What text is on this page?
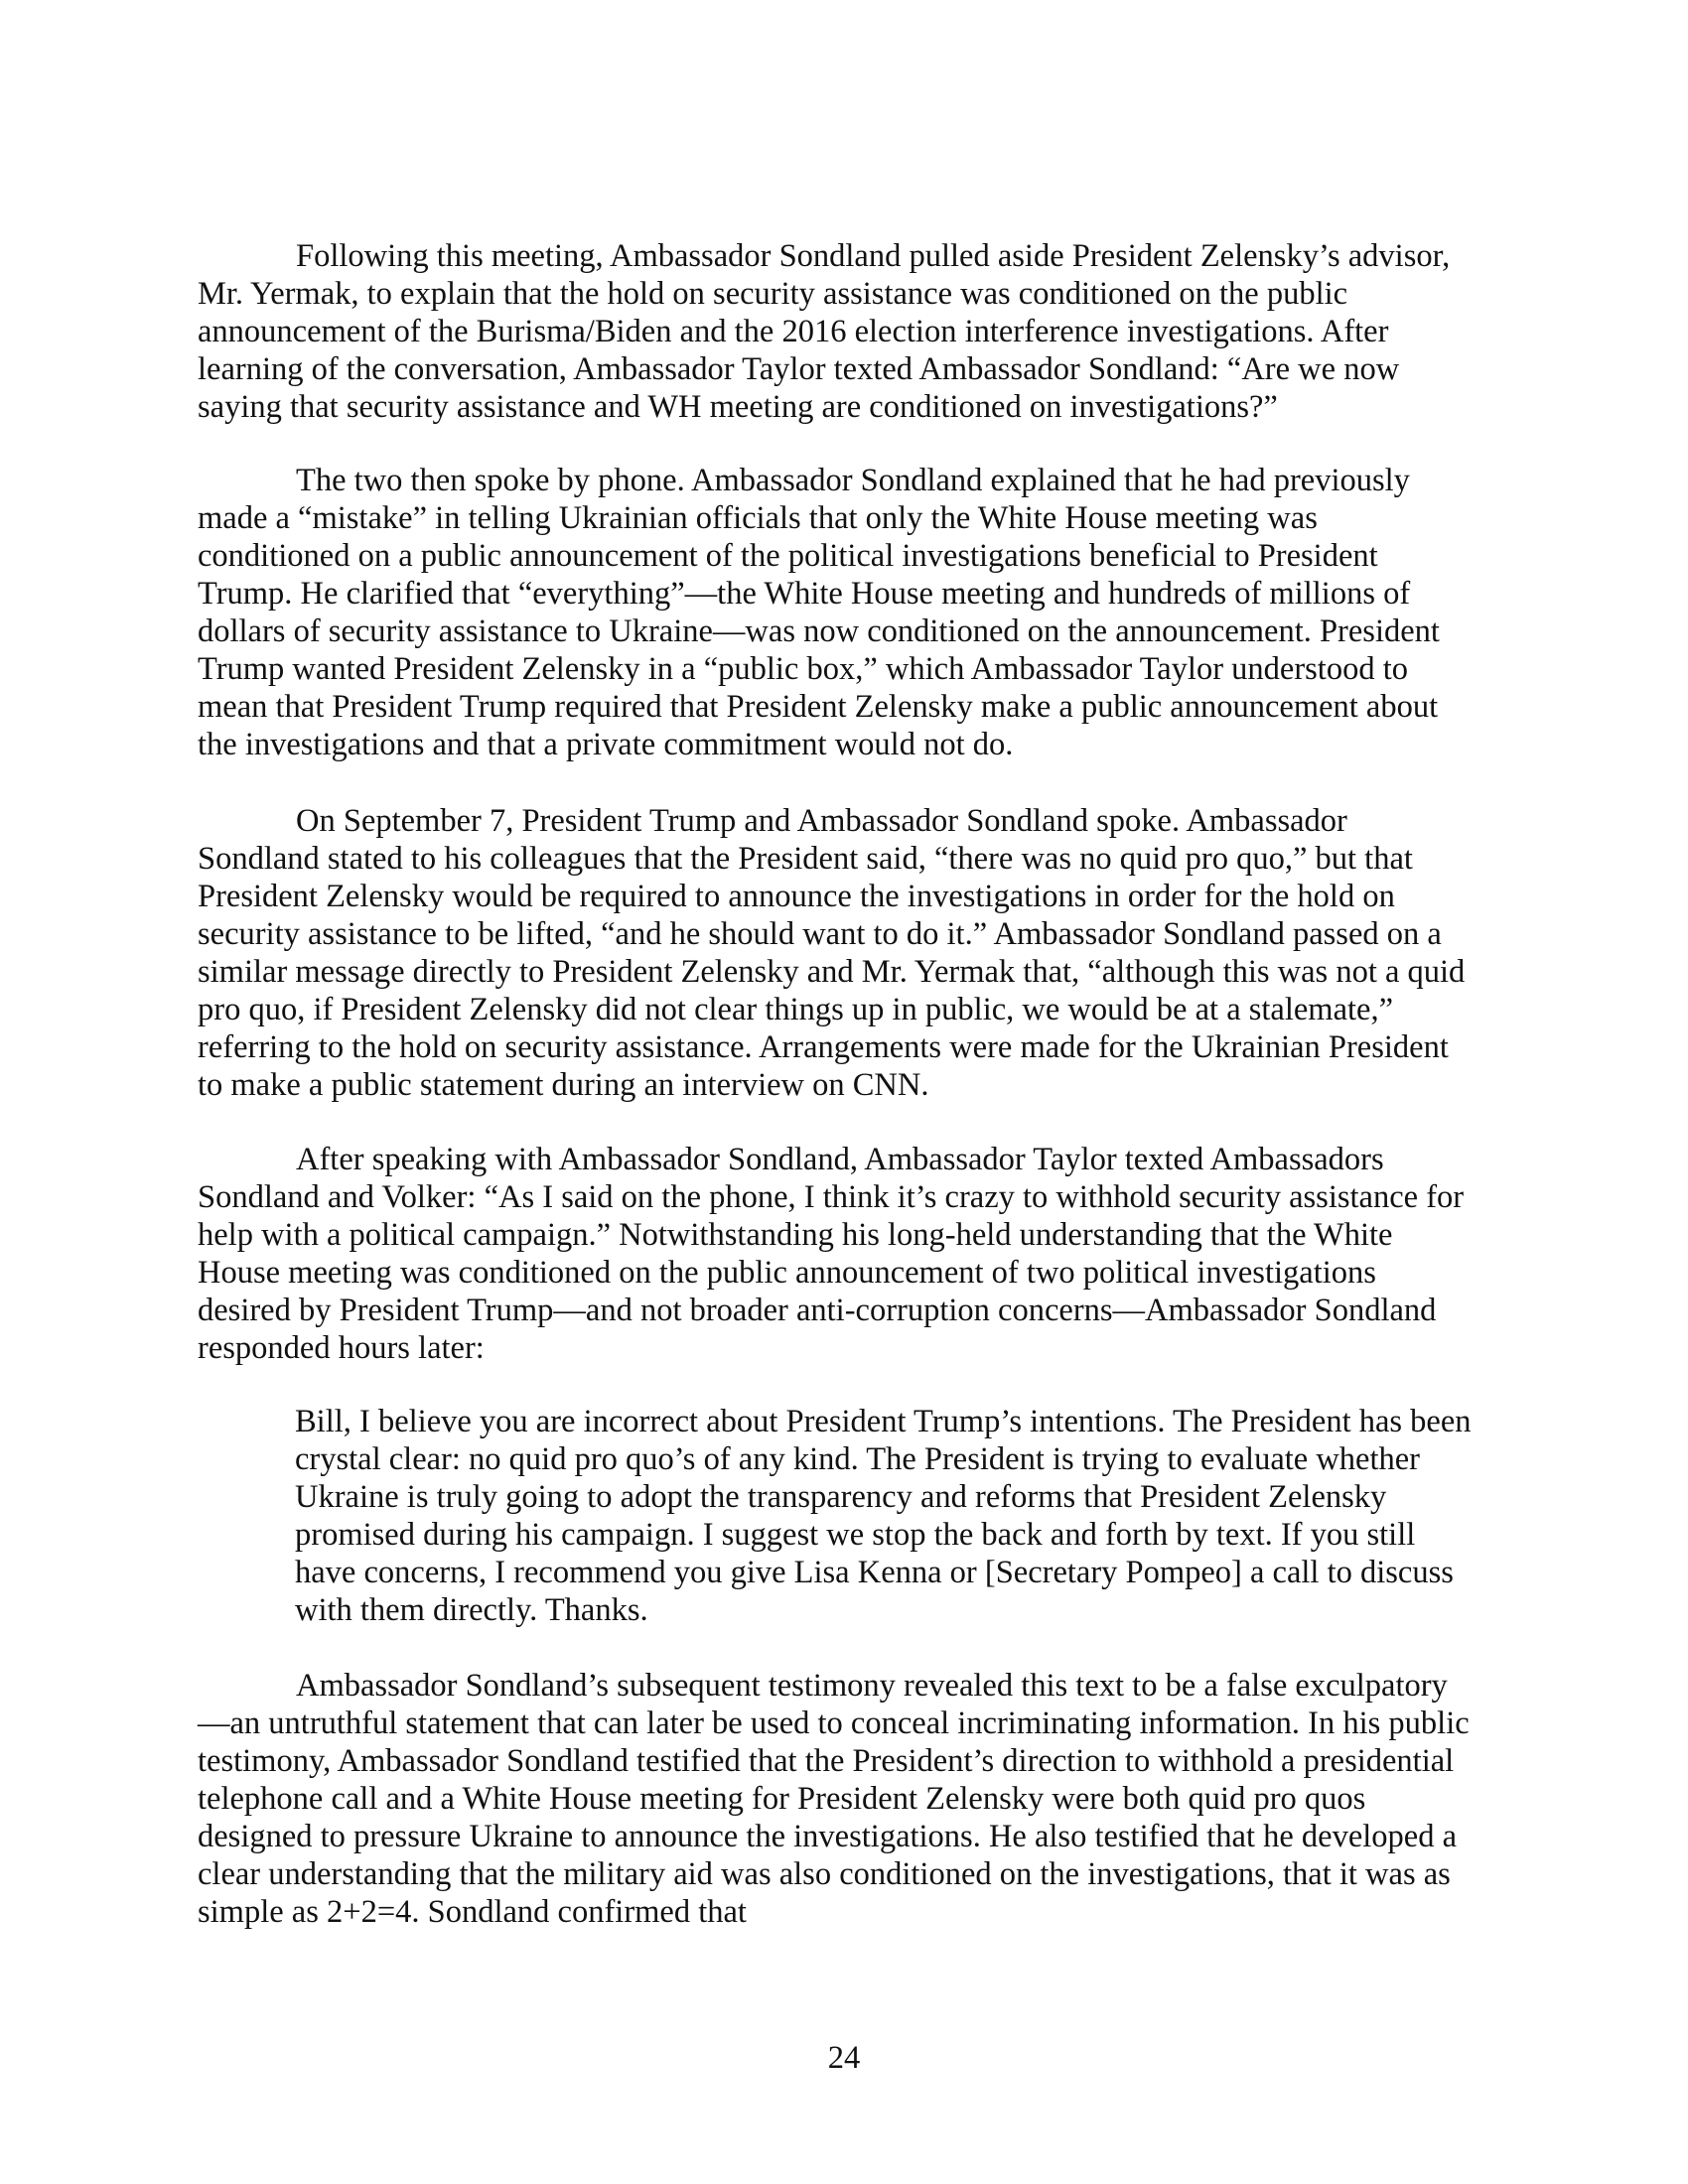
Following this meeting, Ambassador Sondland pulled aside President Zelensky’s advisor, Mr. Yermak, to explain that the hold on security assistance was conditioned on the public announcement of the Burisma/Biden and the 2016 election interference investigations. After learning of the conversation, Ambassador Taylor texted Ambassador Sondland: “Are we now saying that security assistance and WH meeting are conditioned on investigations?”

The two then spoke by phone. Ambassador Sondland explained that he had previously made a “mistake” in telling Ukrainian officials that only the White House meeting was conditioned on a public announcement of the political investigations beneficial to President Trump. He clarified that “everything”—the White House meeting and hundreds of millions of dollars of security assistance to Ukraine—was now conditioned on the announcement. President Trump wanted President Zelensky in a “public box,” which Ambassador Taylor understood to mean that President Trump required that President Zelensky make a public announcement about the investigations and that a private commitment would not do.

On September 7, President Trump and Ambassador Sondland spoke. Ambassador Sondland stated to his colleagues that the President said, “there was no quid pro quo,” but that President Zelensky would be required to announce the investigations in order for the hold on security assistance to be lifted, “and he should want to do it.” Ambassador Sondland passed on a similar message directly to President Zelensky and Mr. Yermak that, “although this was not a quid pro quo, if President Zelensky did not clear things up in public, we would be at a stalemate,” referring to the hold on security assistance. Arrangements were made for the Ukrainian President to make a public statement during an interview on CNN.

After speaking with Ambassador Sondland, Ambassador Taylor texted Ambassadors Sondland and Volker: “As I said on the phone, I think it’s crazy to withhold security assistance for help with a political campaign.” Notwithstanding his long-held understanding that the White House meeting was conditioned on the public announcement of two political investigations desired by President Trump—and not broader anti-corruption concerns—Ambassador Sondland responded hours later:

Bill, I believe you are incorrect about President Trump’s intentions. The President has been crystal clear: no quid pro quo’s of any kind. The President is trying to evaluate whether Ukraine is truly going to adopt the transparency and reforms that President Zelensky promised during his campaign. I suggest we stop the back and forth by text. If you still have concerns, I recommend you give Lisa Kenna or [Secretary Pompeo] a call to discuss with them directly. Thanks.

Ambassador Sondland’s subsequent testimony revealed this text to be a false exculpatory—an untruthful statement that can later be used to conceal incriminating information. In his public testimony, Ambassador Sondland testified that the President’s direction to withhold a presidential telephone call and a White House meeting for President Zelensky were both quid pro quos designed to pressure Ukraine to announce the investigations. He also testified that he developed a clear understanding that the military aid was also conditioned on the investigations, that it was as simple as 2+2=4. Sondland confirmed that

24
